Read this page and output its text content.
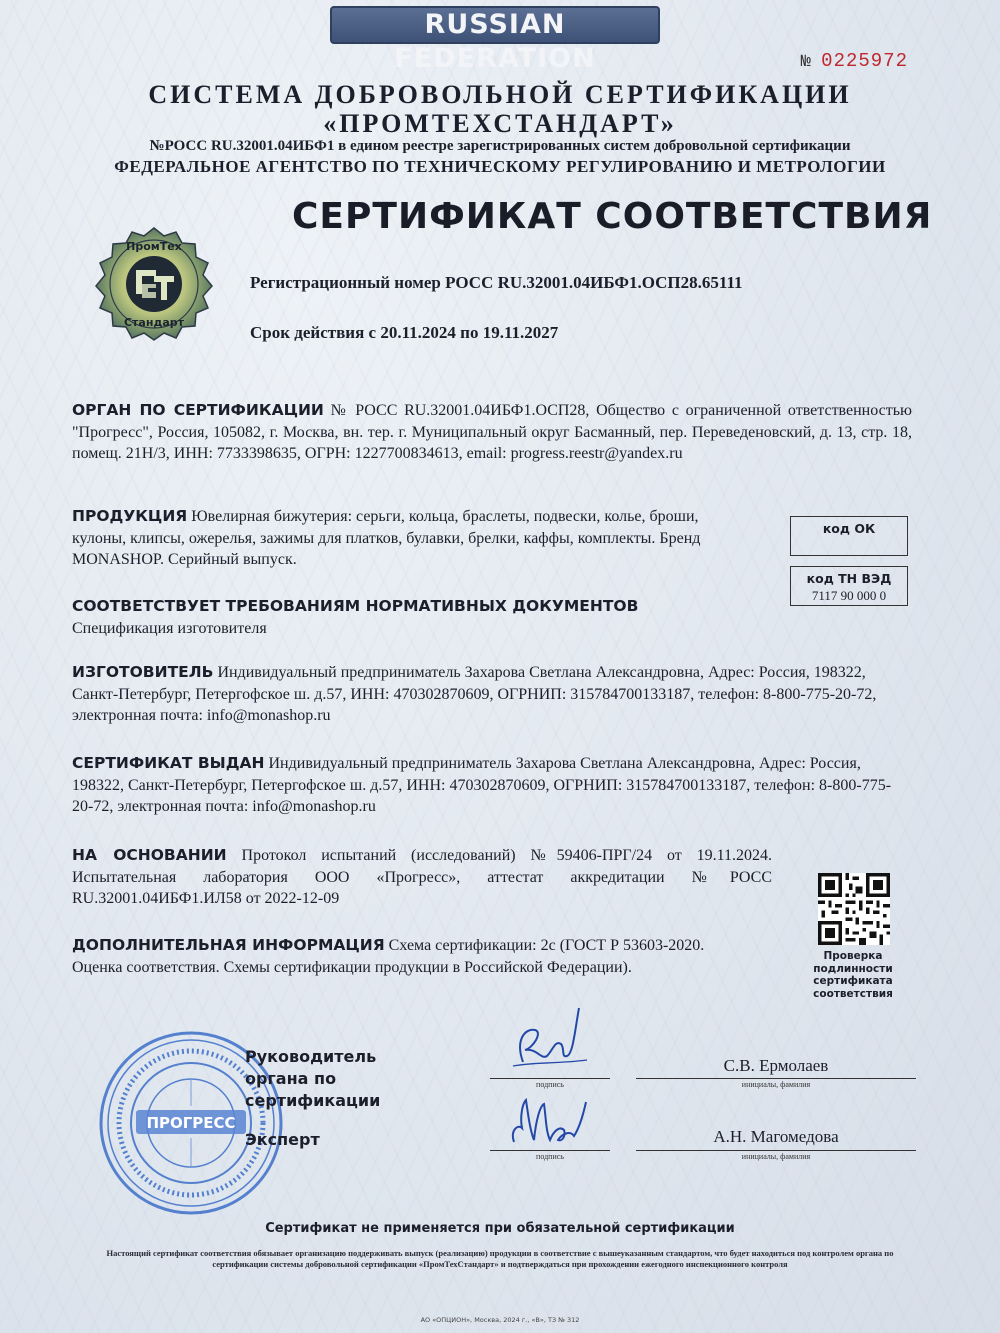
RUSSIAN FEDERATION	№ 0225972
СИСТЕМА ДОБРОВОЛЬНОЙ СЕРТИФИКАЦИИ
«ПРОМТЕХСТАНДАРТ»
№РОСС RU.32001.04ИБФ1 в едином реестре зарегистрированных систем добровольной сертификации
ФЕДЕРАЛЬНОЕ АГЕНТСТВО ПО ТЕХНИЧЕСКОМУ РЕГУЛИРОВАНИЮ И МЕТРОЛОГИИ
СЕРТИФИКАТ СООТВЕТСТВИЯ
ПромТех
Стандарт
Регистрационный номер РОСС RU.32001.04ИБФ1.ОСП28.65111
Срок действия с 20.11.2024 по 19.11.2027
ОРГАН ПО СЕРТИФИКАЦИИ № РОСС RU.32001.04ИБФ1.ОСП28, Общество с ограниченной ответственностью "Прогресс", Россия, 105082, г. Москва, вн. тер. г. Муниципальный округ Басманный, пер. Переведеновский, д. 13, стр. 18, помещ. 21Н/3, ИНН: 7733398635, ОГРН: 1227700834613, email: progress.reestr@yandex.ru
ПРОДУКЦИЯ Ювелирная бижутерия: серьги, кольца, браслеты, подвески, колье, броши, кулоны, клипсы, ожерелья, зажимы для платков, булавки, брелки, каффы, комплекты. Бренд MONASHOP. Серийный выпуск.
код ОК
код ТН ВЭД
7117 90 000 0
СООТВЕТСТВУЕТ ТРЕБОВАНИЯМ НОРМАТИВНЫХ ДОКУМЕНТОВ
Спецификация изготовителя
ИЗГОТОВИТЕЛЬ Индивидуальный предприниматель Захарова Светлана Александровна, Адрес: Россия, 198322, Санкт-Петербург, Петергофское ш. д.57, ИНН: 470302870609, ОГРНИП: 315784700133187, телефон: 8-800-775-20-72, электронная почта: info@monashop.ru
СЕРТИФИКАТ ВЫДАН Индивидуальный предприниматель Захарова Светлана Александровна, Адрес: Россия, 198322, Санкт-Петербург, Петергофское ш. д.57, ИНН: 470302870609, ОГРНИП: 315784700133187, телефон: 8-800-775-20-72, электронная почта: info@monashop.ru
НА ОСНОВАНИИ Протокол испытаний (исследований) №59406-ПРГ/24 от 19.11.2024. Испытательная лаборатория ООО «Прогресс», аттестат аккредитации №РОСС RU.32001.04ИБФ1.ИЛ58 от 2022-12-09
ДОПОЛНИТЕЛЬНАЯ ИНФОРМАЦИЯ Схема сертификации: 2с (ГОСТ Р 53603-2020. Оценка соответствия. Схемы сертификации продукции в Российской Федерации).
Проверка подлинности сертификата соответствия
ПРОГРЕСС
Руководитель органа по сертификации
подпись
С.В. Ермолаев
инициалы, фамилия
Эксперт
подпись
А.Н. Магомедова
инициалы, фамилия
Сертификат не применяется при обязательной сертификации
Настоящий сертификат соответствия обязывает организацию поддерживать выпуск (реализацию) продукции в соответствие с вышеуказанным стандартом, что будет находиться под контролем органа по сертификации системы добровольной сертификации «ПромТехСтандарт» и подтверждаться при прохождении ежегодного инспекционного контроля
АО «ОПЦИОН», Москва, 2024 г., «В», ТЗ № 312
